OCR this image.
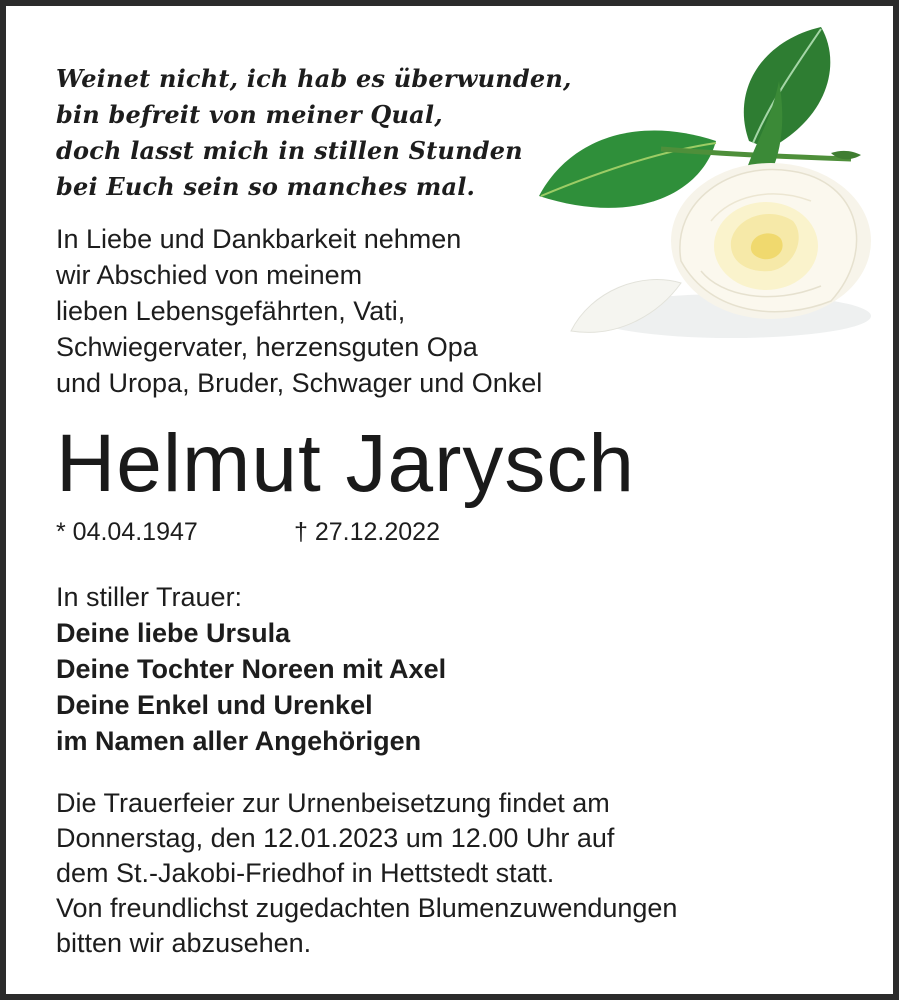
Weinet nicht, ich hab es überwunden,
bin befreit von meiner Qual,
doch lasst mich in stillen Stunden
bei Euch sein so manches mal.
In Liebe und Dankbarkeit nehmen
wir Abschied von meinem
lieben Lebensgefährten, Vati,
Schwiegervater, herzensguten Opa
und Uropa, Bruder, Schwager und Onkel
Helmut Jarysch
* 04.04.1947	† 27.12.2022
In stiller Trauer:
Deine liebe Ursula
Deine Tochter Noreen mit Axel
Deine Enkel und Urenkel
im Namen aller Angehörigen
Die Trauerfeier zur Urnenbeisetzung findet am
Donnerstag, den 12.01.2023 um 12.00 Uhr auf
dem St.-Jakobi-Friedhof in Hettstedt statt.
Von freundlichst zugedachten Blumenzuwendungen
bitten wir abzusehen.
